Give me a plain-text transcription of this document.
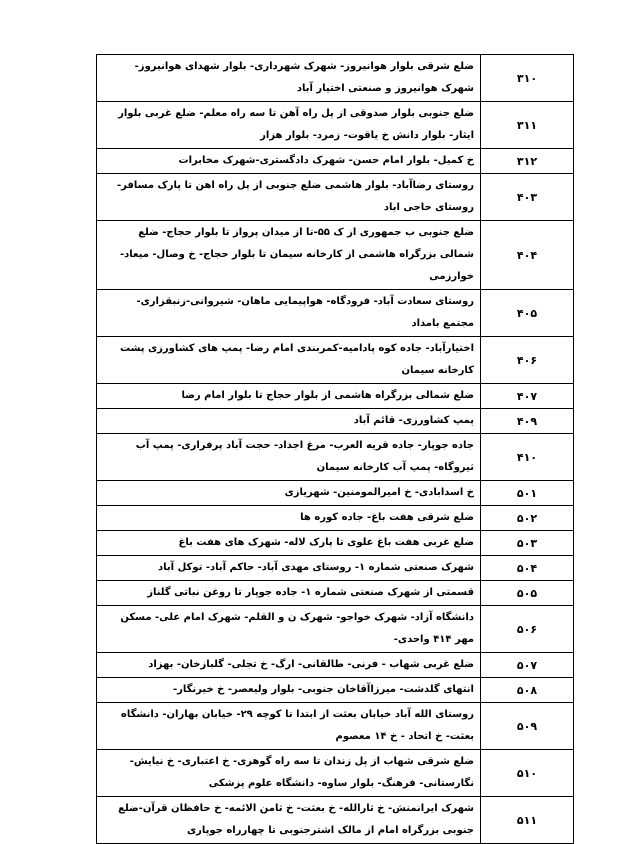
۳۱۰	ضلع شرقی بلوار هوانیروز- شهرک شهرداری- بلوار شهدای هوانیروز- شهرک هوانیروز و صنعتی اختیار آباد
۳۱۱	ضلع جنوبی بلوار صدوقی از پل راه آهن تا سه راه معلم- ضلع غربی بلوار ایثار- بلوار دانش خ یاقوت- زمرد- بلوار هزار
۳۱۲	خ کمیل- بلوار امام حسن- شهرک دادگستری-شهرک مخابرات
۴۰۳	روستای رضاآباد- بلوار هاشمی ضلع جنوبی از پل راه اهن تا پارک مسافر- روستای حاجی اباد
۴۰۴	ضلع جنوبی ب جمهوری از ک ۵۵-تا از میدان پرواز تا بلوار حجاج- ضلع شمالی بزرگراه هاشمی از کارخانه سیمان تا بلوار حجاج- خ وصال- میعاد- خوارزمی
۴۰۵	روستای سعادت آباد- فرودگاه- هواپیمایی ماهان- شیروانی-زنبقزاری- مجتمع بامداد
۴۰۶	اختیارآباد- جاده کوه پادامیه-کمربندی امام رضا- پمپ های کشاورزی پشت کارخانه سیمان
۴۰۷	ضلع شمالی بزرگراه هاشمی از بلوار حجاج تا بلوار امام رضا
۴۰۹	پمپ کشاورزی- قائم آباد
۴۱۰	جاده جوپار- جاده قریه العرب- مرغ اجداد- حجت آباد پرفراری- پمپ آب ثیروگاه- پمپ آب کارخانه سیمان
۵۰۱	خ اسدابادی- خ امیرالمومنین- شهریازی
۵۰۲	ضلع شرقی هفت باغ- جاده کوره ها
۵۰۳	ضلع غربی هفت باغ علوی تا پارک لاله- شهرک های هفت باغ
۵۰۴	شهرک صنعتی شماره ۱- روستای مهدی آباد- حاکم آباد- توکل آباد
۵۰۵	قسمتی از شهرک صنعتی شماره ۱- جاده جوپار تا روغن نباتی گلناز
۵۰۶	دانشگاه آزاد- شهرک خواجو- شهرک ن و القلم- شهرک امام علی- مسکن مهر ۴۱۴ واحدی-
۵۰۷	ضلع غربی شهاب - فرنی- طالقانی- ارگ- خ تجلی- گلبازخان- بهزاد
۵۰۸	انتهای گلدشت- میرزاآقاخان جنوبی- بلوار ولیعصر- خ خیرنگار-
۵۰۹	روستای الله آباد خیابان بعثت از ابتدا تا کوچه ۲۹- خیابان بهاران- دانشگاه بعثت- خ اتحاد - خ ۱۴ معصوم
۵۱۰	ضلع شرقی شهاب از پل زندان تا سه راه گوهری- خ اعتباری- خ نیایش- نگارستانی- فرهنگ- بلوار ساوه- دانشگاه علوم پزشکی
۵۱۱	شهرک ایرانمنش- خ ثارالله- خ بعثت- خ ثامن الائمه- خ حافظان قرآن-ضلع جنوبی بزرگراه امام از مالک اشترجنوبی تا چهارراه جوپاری
